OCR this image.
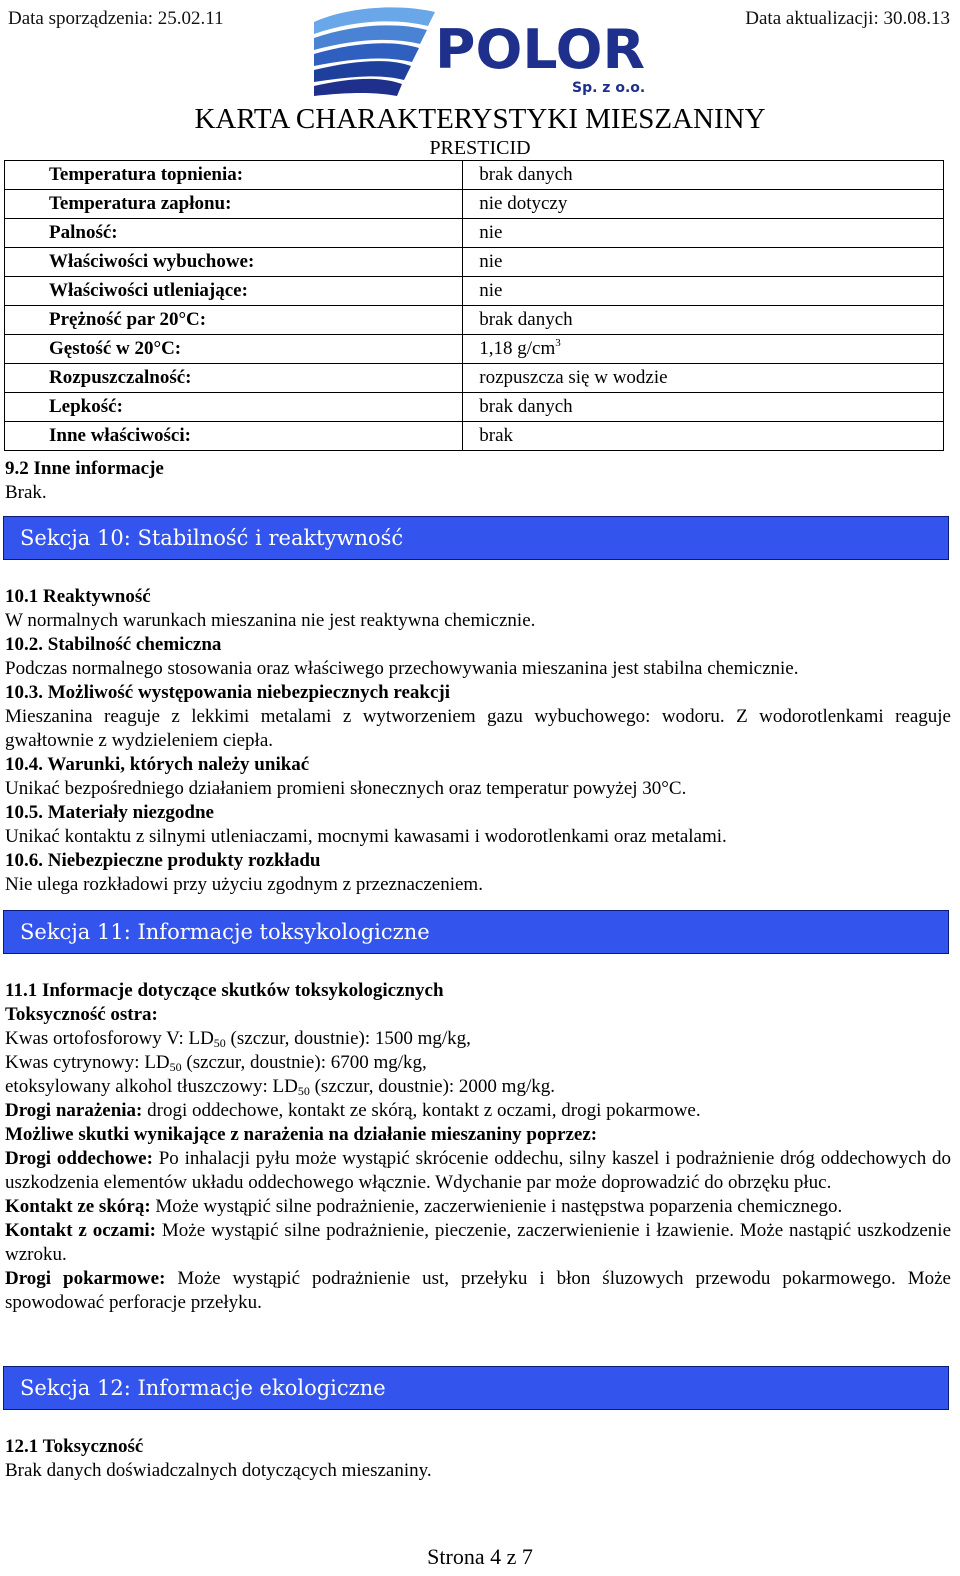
Data sporządzenia: 25.02.11	Data aktualizacji: 30.08.13
POLOR
Sp. z o.o.
KARTA CHARAKTERYSTYKI MIESZANINY
PRESTICID
Temperatura topnienia:	brak danych
Temperatura zapłonu:	nie dotyczy
Palność:	nie
Właściwości wybuchowe:	nie
Właściwości utleniające:	nie
Prężność par 20°C:	brak danych
Gęstość w 20°C:	1,18 $g/cm^3$
Rozpuszczalność:	rozpuszcza się w wodzie
Lepkość:	brak danych
Inne właściwości:	brak

9.2 Inne informacje

Brak.

Sekcja 10: Stabilność i reaktywność

10.1 Reaktywność

W normalnych warunkach mieszanina nie jest reaktywna chemicznie.

10.2. Stabilność chemiczna

Podczas normalnego stosowania oraz właściwego przechowywania mieszanina jest stabilna chemicznie.

10.3. Możliwość występowania niebezpiecznych reakcji

Mieszanina reaguje z lekkimi metalami z wytworzeniem gazu wybuchowego: wodoru. Z wodorotlenkami reaguje gwałtownie z wydzieleniem ciepła.

10.4. Warunki, których należy unikać

Unikać bezpośredniego działaniem promieni słonecznych oraz temperatur powyżej 30°C.

10.5. Materiały niezgodne

Unikać kontaktu z silnymi utleniaczami, mocnymi kawasami i wodorotlenkami oraz metalami.

10.6. Niebezpieczne produkty rozkładu

Nie ulega rozkładowi przy użyciu zgodnym z przeznaczeniem.

Sekcja 11: Informacje toksykologiczne

11.1 Informacje dotyczące skutków toksykologicznych

Toksyczność ostra:

Kwas ortofosforowy V: $LD_{50}$ (szczur, doustnie): 1500 mg/kg,

Kwas cytrynowy: $LD_{50}$ (szczur, doustnie): 6700 mg/kg,

etoksylowany alkohol tłuszczowy: $LD_{50}$ (szczur, doustnie): 2000 mg/kg.

Drogi narażenia: drogi oddechowe, kontakt ze skórą, kontakt z oczami, drogi pokarmowe.

Możliwe skutki wynikające z narażenia na działanie mieszaniny poprzez:

Drogi oddechowe: Po inhalacji pyłu może wystąpić skrócenie oddechu, silny kaszel i podrażnienie dróg oddechowych do uszkodzenia elementów układu oddechowego włącznie. Wdychanie par może doprowadzić do obrzęku płuc.

Kontakt ze skórą: Może wystąpić silne podrażnienie, zaczerwienienie i następstwa poparzenia chemicznego.

Kontakt z oczami: Może wystąpić silne podrażnienie, pieczenie, zaczerwienienie i łzawienie. Może nastąpić uszkodzenie wzroku.

Drogi pokarmowe: Może wystąpić podrażnienie ust, przełyku i błon śluzowych przewodu pokarmowego. Może spowodować perforacje przełyku.

Sekcja 12: Informacje ekologiczne

12.1 Toksyczność

Brak danych doświadczalnych dotyczących mieszaniny.

Strona 4 z 7
